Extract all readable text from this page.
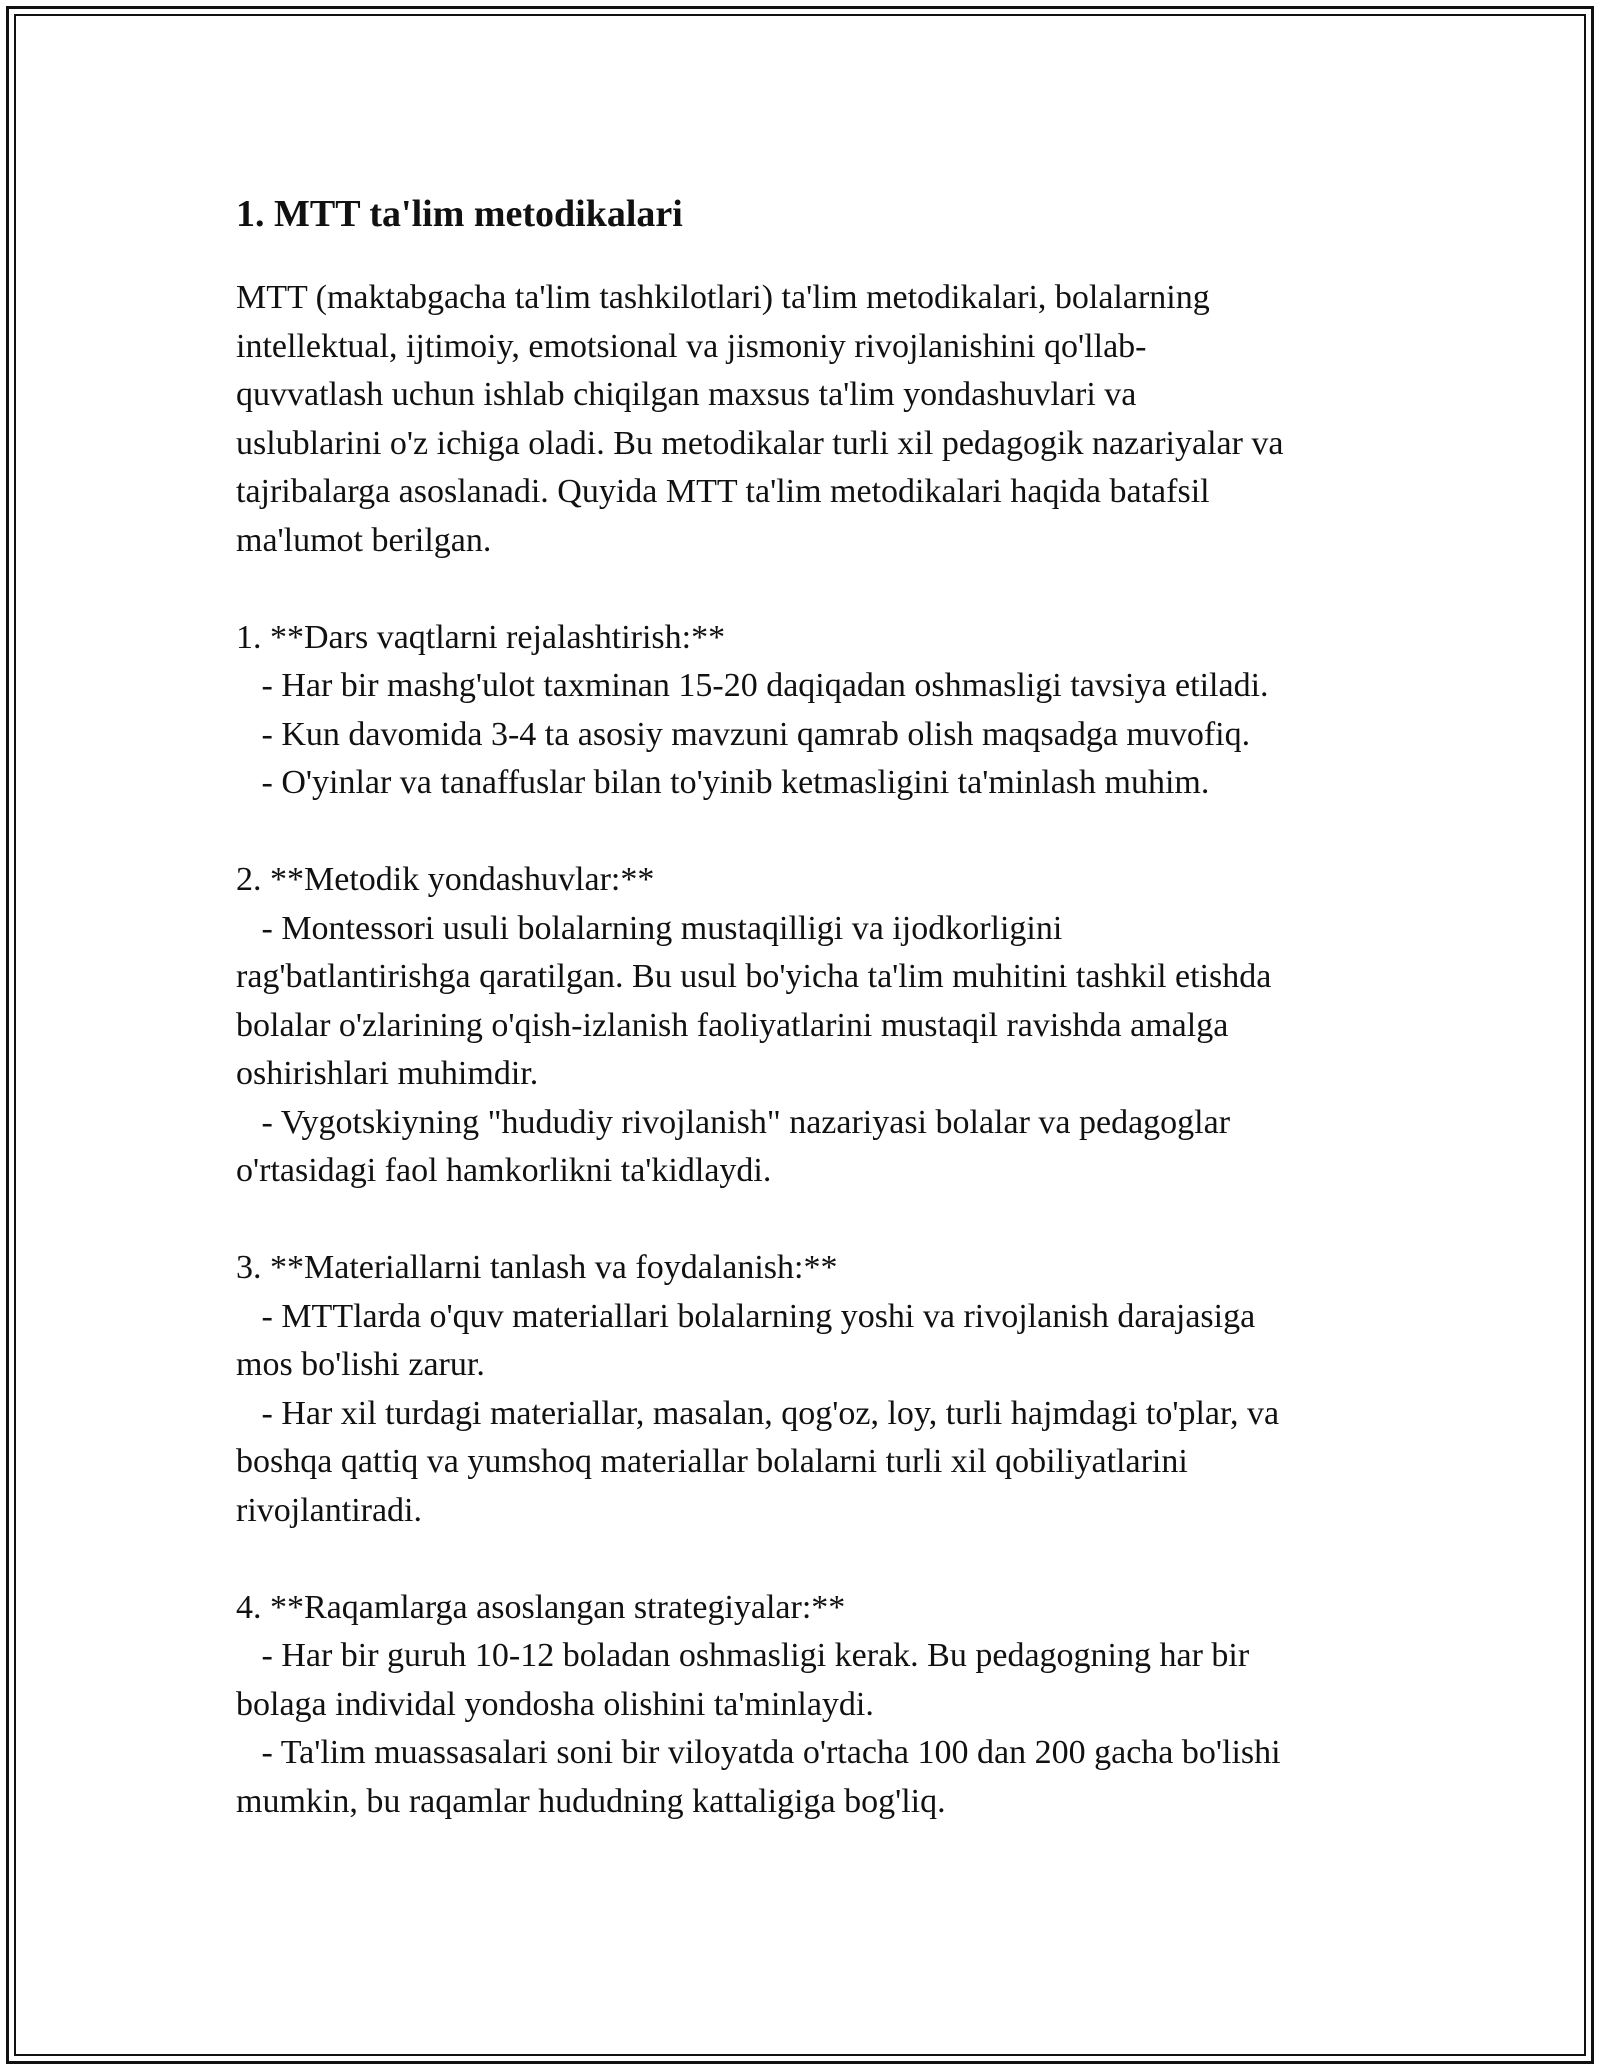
1. MTT ta'lim metodikalari

MTT (maktabgacha ta'lim tashkilotlari) ta'lim metodikalari, bolalarning
intellektual, ijtimoiy, emotsional va jismoniy rivojlanishini qo'llab-
quvvatlash uchun ishlab chiqilgan maxsus ta'lim yondashuvlari va
uslublarini o'z ichiga oladi. Bu metodikalar turli xil pedagogik nazariyalar va
tajribalarga asoslanadi. Quyida MTT ta'lim metodikalari haqida batafsil
ma'lumot berilgan.

1. **Dars vaqtlarni rejalashtirish:**
- Har bir mashg'ulot taxminan 15-20 daqiqadan oshmasligi tavsiya etiladi.
- Kun davomida 3-4 ta asosiy mavzuni qamrab olish maqsadga muvofiq.
- O'yinlar va tanaffuslar bilan to'yinib ketmasligini ta'minlash muhim.

2. **Metodik yondashuvlar:**
- Montessori usuli bolalarning mustaqilligi va ijodkorligini
rag'batlantirishga qaratilgan. Bu usul bo'yicha ta'lim muhitini tashkil etishda
bolalar o'zlarining o'qish-izlanish faoliyatlarini mustaqil ravishda amalga
oshirishlari muhimdir.
- Vygotskiyning "hududiy rivojlanish" nazariyasi bolalar va pedagoglar
o'rtasidagi faol hamkorlikni ta'kidlaydi.

3. **Materiallarni tanlash va foydalanish:**
- MTTlarda o'quv materiallari bolalarning yoshi va rivojlanish darajasiga
mos bo'lishi zarur.
- Har xil turdagi materiallar, masalan, qog'oz, loy, turli hajmdagi to'plar, va
boshqa qattiq va yumshoq materiallar bolalarni turli xil qobiliyatlarini
rivojlantiradi.

4. **Raqamlarga asoslangan strategiyalar:**
- Har bir guruh 10-12 boladan oshmasligi kerak. Bu pedagogning har bir
bolaga individal yondosha olishini ta'minlaydi.
- Ta'lim muassasalari soni bir viloyatda o'rtacha 100 dan 200 gacha bo'lishi
mumkin, bu raqamlar hududning kattaligiga bog'liq.
